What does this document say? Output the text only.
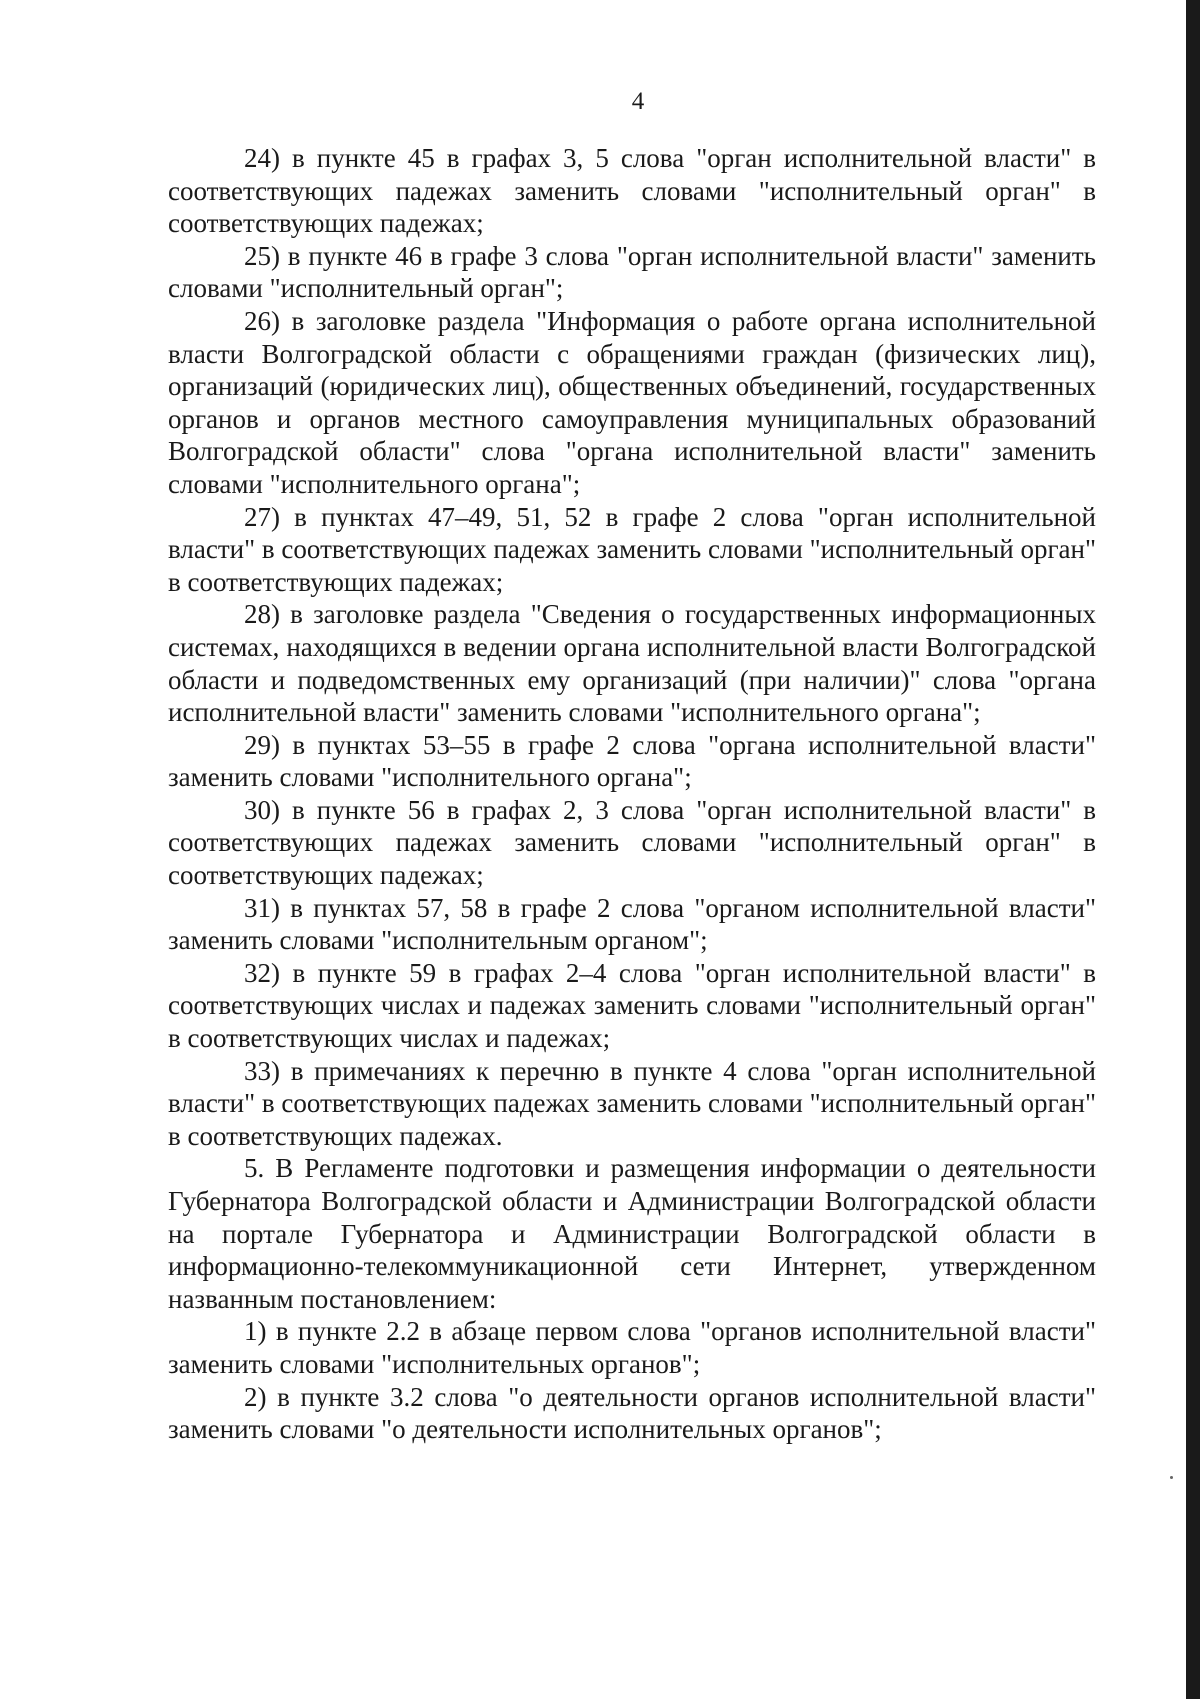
4

24) в пункте 45 в графах 3, 5 слова "орган исполнительной власти" в соответствующих падежах заменить словами "исполнительный орган" в соответствующих падежах;

25) в пункте 46 в графе 3 слова "орган исполнительной власти" заменить словами "исполнительный орган";

26) в заголовке раздела "Информация о работе органа исполнительной власти Волгоградской области с обращениями граждан (физических лиц), организаций (юридических лиц), общественных объединений, государственных органов и органов местного самоуправления муниципальных образований Волгоградской области" слова "органа исполнительной власти" заменить словами "исполнительного органа";

27) в пунктах 47–49, 51, 52 в графе 2 слова "орган исполнительной власти" в соответствующих падежах заменить словами "исполнительный орган" в соответствующих падежах;

28) в заголовке раздела "Сведения о государственных информационных системах, находящихся в ведении органа исполнительной власти Волгоградской области и подведомственных ему организаций (при наличии)" слова "органа исполнительной власти" заменить словами "исполнительного органа";

29) в пунктах 53–55 в графе 2 слова "органа исполнительной власти" заменить словами "исполнительного органа";

30) в пункте 56 в графах 2, 3 слова "орган исполнительной власти" в соответствующих падежах заменить словами "исполнительный орган" в соответствующих падежах;

31) в пунктах 57, 58 в графе 2 слова "органом исполнительной власти" заменить словами "исполнительным органом";

32) в пункте 59 в графах 2–4 слова "орган исполнительной власти" в соответствующих числах и падежах заменить словами "исполнительный орган" в соответствующих числах и падежах;

33) в примечаниях к перечню в пункте 4 слова "орган исполнительной власти" в соответствующих падежах заменить словами "исполнительный орган" в соответствующих падежах.

5. В Регламенте подготовки и размещения информации о деятельности Губернатора Волгоградской области и Администрации Волгоградской области на портале Губернатора и Администрации Волгоградской области в информационно-телекоммуникационной сети Интернет, утвержденном названным постановлением:

1) в пункте 2.2 в абзаце первом слова "органов исполнительной власти" заменить словами "исполнительных органов";

2) в пункте 3.2 слова "о деятельности органов исполнительной власти" заменить словами "о деятельности исполнительных органов";
